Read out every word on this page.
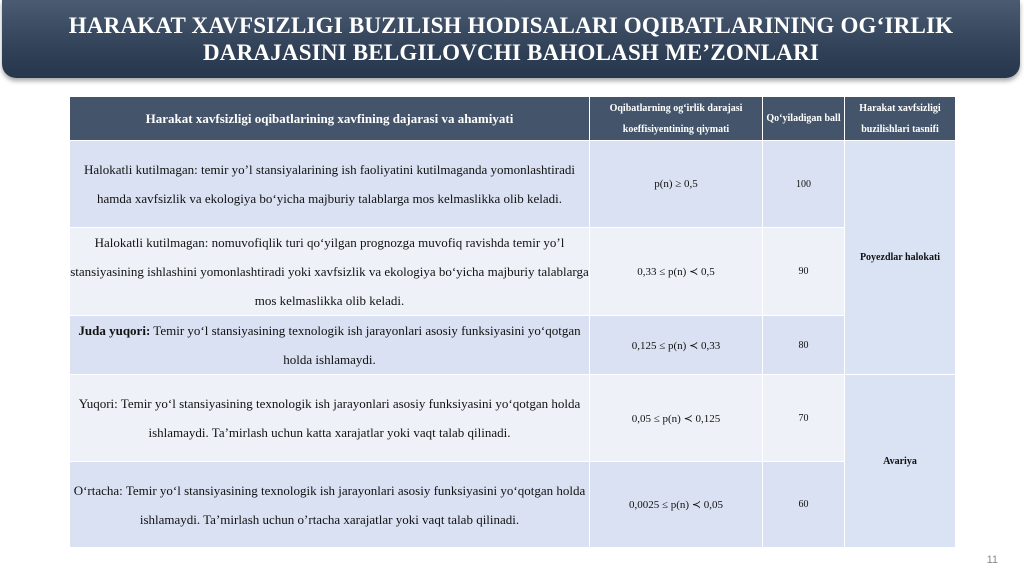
HARAKAT XAVFSIZLIGI BUZILISH HODISALARI OQIBATLARINING OG‘IRLIK DARAJASINI BELGILOVCHI BAHOLASH ME’ZONLARI
Harakat xavfsizligi oqibatlarining xavfining dajarasi va ahamiyati	Oqibatlarning og‘irlik darajasi koeffisiyentining qiymati	Qo‘yiladigan ball	Harakat xavfsizligi buzilishlari tasnifi
Halokatli kutilmagan: temir yo’l stansiyalarining ish faoliyatini kutilmaganda yomonlashtiradi hamda xavfsizlik va ekologiya bo‘yicha majburiy talablarga mos kelmaslikka olib keladi.	p(n) ≥ 0,5	100	Poyezdlar halokati
Halokatli kutilmagan: nomuvofiqlik turi qo‘yilgan prognozga muvofiq ravishda temir yo’l stansiyasining ishlashini yomonlashtiradi yoki xavfsizlik va ekologiya bo‘yicha majburiy talablarga mos kelmaslikka olib keladi.	0,33 ≤ p(n) ≺ 0,5	90	
Juda yuqori: Temir yo‘l stansiyasining texnologik ish jarayonlari asosiy funksiyasini yo‘qotgan holda ishlamaydi.	0,125 ≤ p(n) ≺ 0,33	80	
Yuqori: Temir yo‘l stansiyasining texnologik ish jarayonlari asosiy funksiyasini yo‘qotgan holda ishlamaydi. Ta’mirlash uchun katta xarajatlar yoki vaqt talab qilinadi.	0,05 ≤ p(n) ≺ 0,125	70	Avariya
O‘rtacha: Temir yo‘l stansiyasining texnologik ish jarayonlari asosiy funksiyasini yo‘qotgan holda ishlamaydi. Ta’mirlash uchun o’rtacha xarajatlar yoki vaqt talab qilinadi.	0,0025 ≤ p(n) ≺ 0,05	60	
11
